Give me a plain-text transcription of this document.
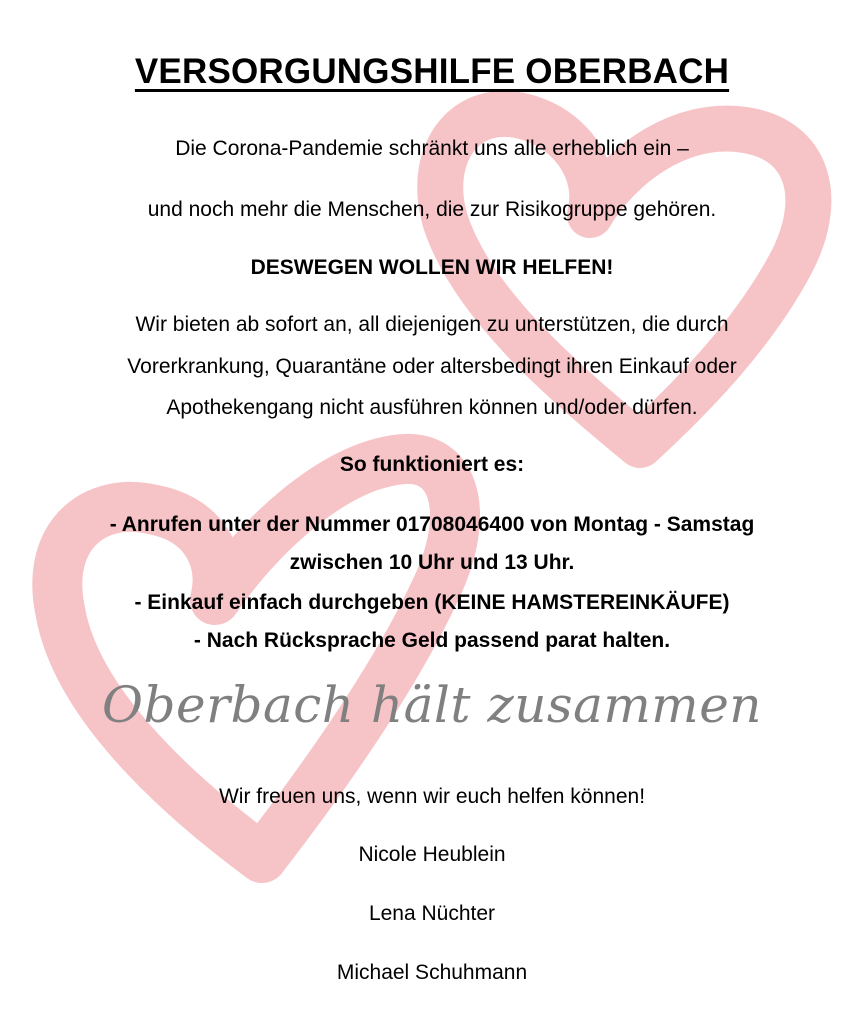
VERSORGUNGSHILFE OBERBACH
Die Corona-Pandemie schränkt uns alle erheblich ein –
und noch mehr die Menschen, die zur Risikogruppe gehören.
DESWEGEN WOLLEN WIR HELFEN!
Wir bieten ab sofort an, all diejenigen zu unterstützen, die durch
Vorerkrankung, Quarantäne oder altersbedingt ihren Einkauf oder
Apothekengang nicht ausführen können und/oder dürfen.
So funktioniert es:
- Anrufen unter der Nummer 01708046400 von Montag - Samstag
zwischen 10 Uhr und 13 Uhr.
- Einkauf einfach durchgeben (KEINE HAMSTEREINKÄUFE)
- Nach Rücksprache Geld passend parat halten.
Oberbach hält zusammen
Wir freuen uns, wenn wir euch helfen können!
Nicole Heublein
Lena Nüchter
Michael Schuhmann
